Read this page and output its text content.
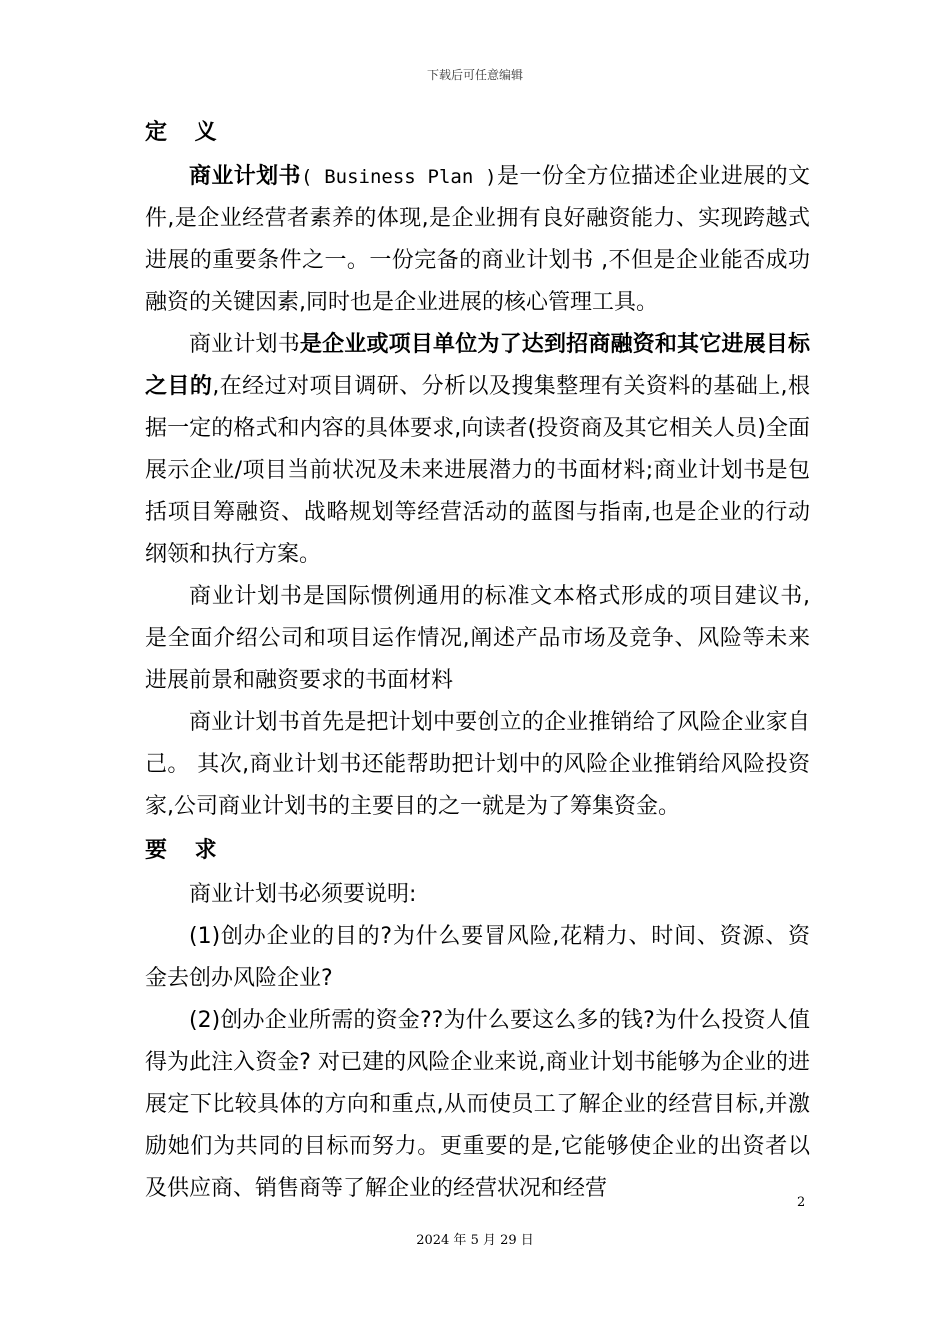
下载后可任意编辑
定 义

商业计划书( Business Plan )是一份全方位描述企业进展的文件,是企业经营者素养的体现,是企业拥有良好融资能力、实现跨越式进展的重要条件之一。一份完备的商业计划书 ,不但是企业能否成功融资的关键因素,同时也是企业进展的核心管理工具。

商业计划书是企业或项目单位为了达到招商融资和其它进展目标之目的,在经过对项目调研、分析以及搜集整理有关资料的基础上,根据一定的格式和内容的具体要求,向读者(投资商及其它相关人员)全面展示企业/项目当前状况及未来进展潜力的书面材料;商业计划书是包括项目筹融资、战略规划等经营活动的蓝图与指南,也是企业的行动纲领和执行方案。

商业计划书是国际惯例通用的标准文本格式形成的项目建议书,是全面介绍公司和项目运作情况,阐述产品市场及竞争、风险等未来进展前景和融资要求的书面材料

商业计划书首先是把计划中要创立的企业推销给了风险企业家自己。 其次,商业计划书还能帮助把计划中的风险企业推销给风险投资家,公司商业计划书的主要目的之一就是为了筹集资金。

要 求

商业计划书必须要说明:

(1)创办企业的目的?为什么要冒风险,花精力、时间、资源、资金去创办风险企业?

(2)创办企业所需的资金??为什么要这么多的钱?为什么投资人值得为此注入资金? 对已建的风险企业来说,商业计划书能够为企业的进展定下比较具体的方向和重点,从而使员工了解企业的经营目标,并激励她们为共同的目标而努力。更重要的是,它能够使企业的出资者以及供应商、销售商等了解企业的经营状况和经营

2
2024 年 5 月 29 日
